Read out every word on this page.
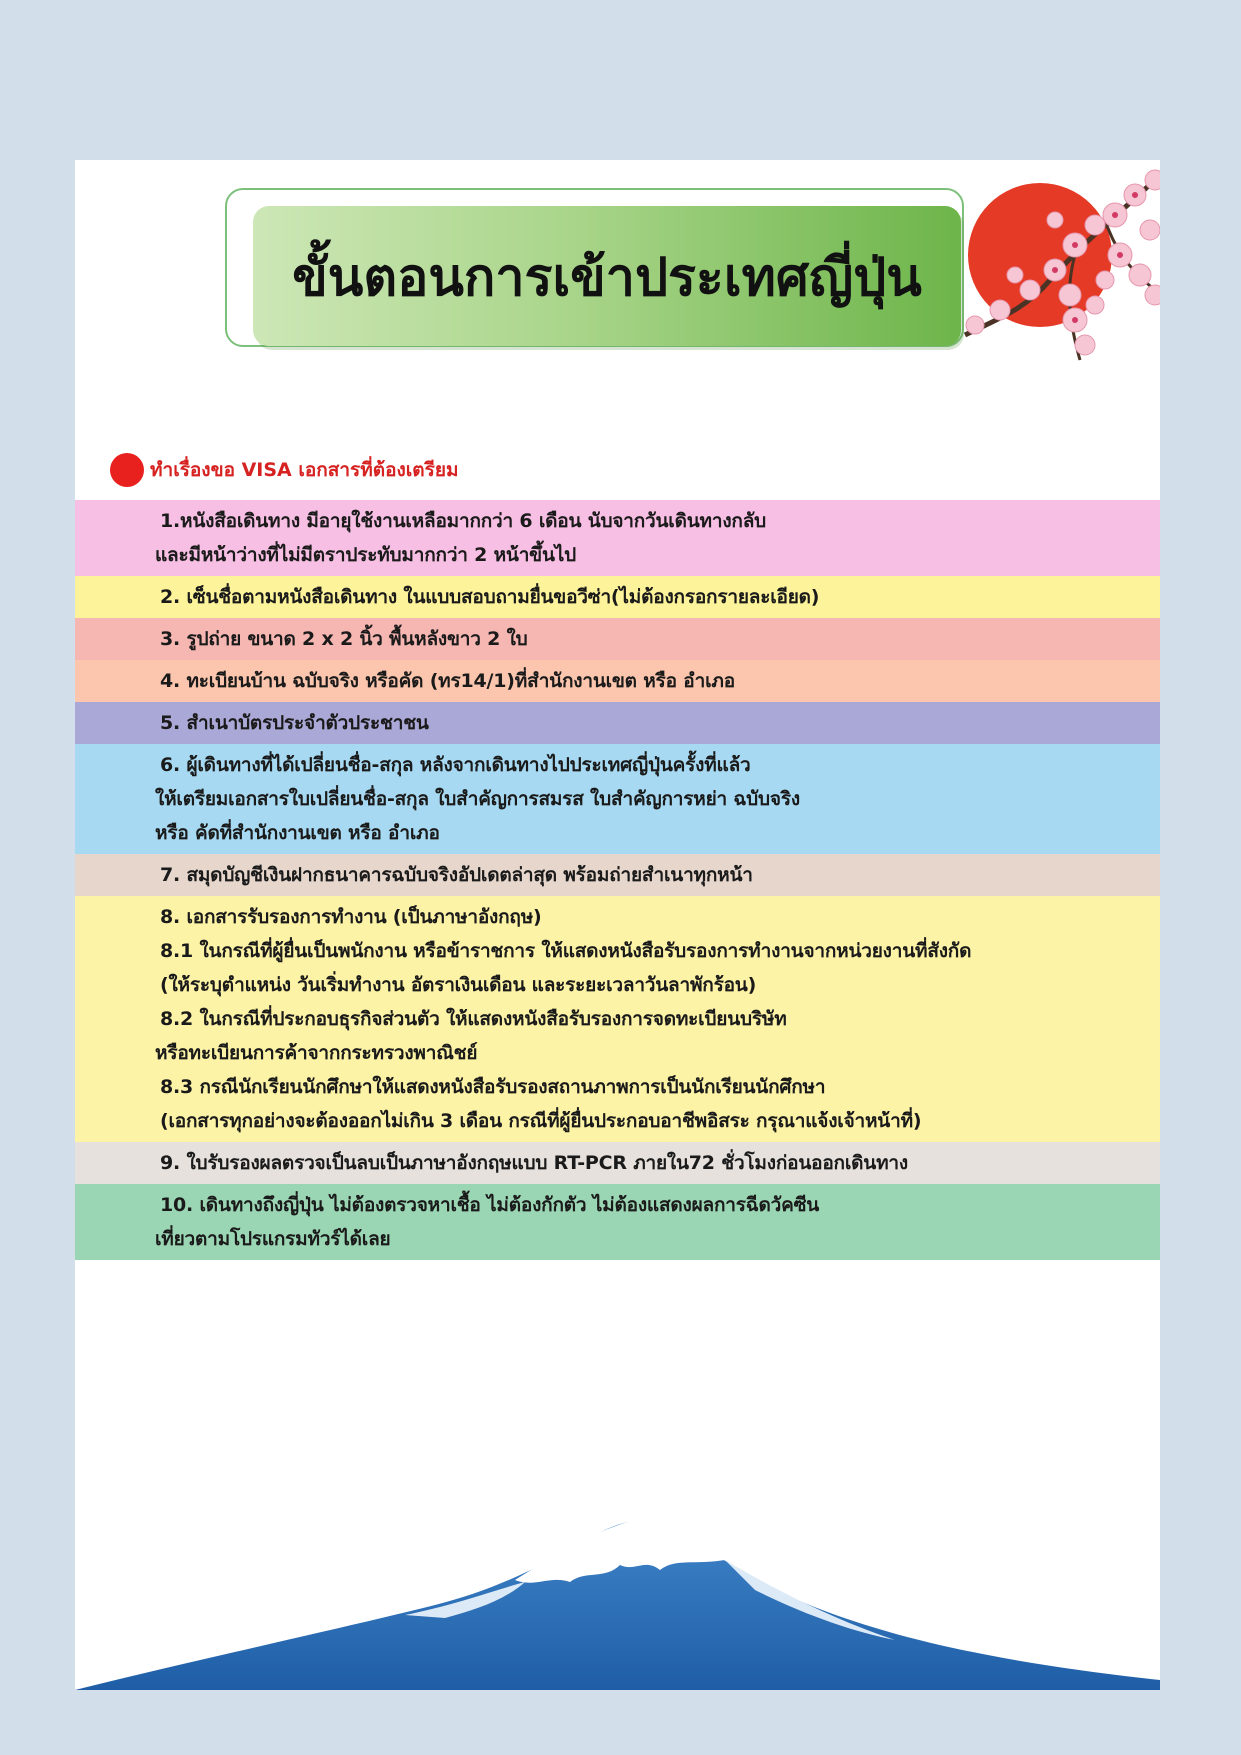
ขั้นตอนการเข้าประเทศญี่ปุ่น
ทำเรื่องขอ VISA เอกสารที่ต้องเตรียม
1.หนังสือเดินทาง มีอายุใช้งานเหลือมากกว่า 6 เดือน นับจากวันเดินทางกลับ
และมีหน้าว่างที่ไม่มีตราประทับมากกว่า 2 หน้าขึ้นไป
2. เซ็นชื่อตามหนังสือเดินทาง ในแบบสอบถามยื่นขอวีซ่า(ไม่ต้องกรอกรายละเอียด)
3. รูปถ่าย ขนาด 2 x 2 นิ้ว พื้นหลังขาว 2 ใบ
4. ทะเบียนบ้าน ฉบับจริง หรือคัด (ทร14/1)ที่สำนักงานเขต หรือ อำเภอ
5. สำเนาบัตรประจำตัวประชาชน
6. ผู้เดินทางที่ได้เปลี่ยนชื่อ-สกุล หลังจากเดินทางไปประเทศญี่ปุ่นครั้งที่แล้ว
ให้เตรียมเอกสารใบเปลี่ยนชื่อ-สกุล ใบสำคัญการสมรส ใบสำคัญการหย่า ฉบับจริง
หรือ คัดที่สำนักงานเขต หรือ อำเภอ
7. สมุดบัญชีเงินฝากธนาคารฉบับจริงอัปเดตล่าสุด พร้อมถ่ายสำเนาทุกหน้า
8. เอกสารรับรองการทำงาน (เป็นภาษาอังกฤษ)
8.1 ในกรณีที่ผู้ยื่นเป็นพนักงาน หรือข้าราชการ ให้แสดงหนังสือรับรองการทำงานจากหน่วยงานที่สังกัด
(ให้ระบุตำแหน่ง วันเริ่มทำงาน อัตราเงินเดือน และระยะเวลาวันลาพักร้อน)
8.2 ในกรณีที่ประกอบธุรกิจส่วนตัว ให้แสดงหนังสือรับรองการจดทะเบียนบริษัท
หรือทะเบียนการค้าจากกระทรวงพาณิชย์
8.3 กรณีนักเรียนนักศึกษาให้แสดงหนังสือรับรองสถานภาพการเป็นนักเรียนนักศึกษา
(เอกสารทุกอย่างจะต้องออกไม่เกิน 3 เดือน กรณีที่ผู้ยื่นประกอบอาชีพอิสระ กรุณาแจ้งเจ้าหน้าที่)
9. ใบรับรองผลตรวจเป็นลบเป็นภาษาอังกฤษแบบ RT-PCR ภายใน72 ชั่วโมงก่อนออกเดินทาง
10. เดินทางถึงญี่ปุ่น ไม่ต้องตรวจหาเชื้อ ไม่ต้องกักตัว ไม่ต้องแสดงผลการฉีดวัคซีน
เที่ยวตามโปรแกรมทัวร์ได้เลย
